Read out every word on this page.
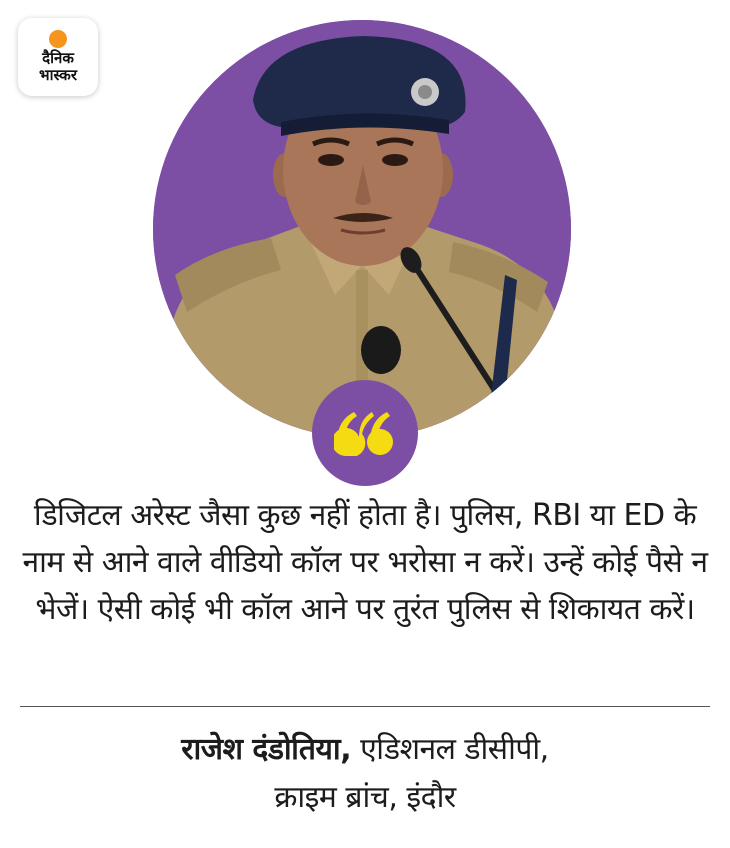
दैनिक
भास्कर

डिजिटल अरेस्ट जैसा कुछ नहीं होता है। पुलिस, RBI या ED के नाम से आने वाले वीडियो कॉल पर भरोसा न करें। उन्हें कोई पैसे न भेजें। ऐसी कोई भी कॉल आने पर तुरंत पुलिस से शिकायत करें।

राजेश दंडोतिया, एडिशनल डीसीपी,
क्राइम ब्रांच, इंदौर
